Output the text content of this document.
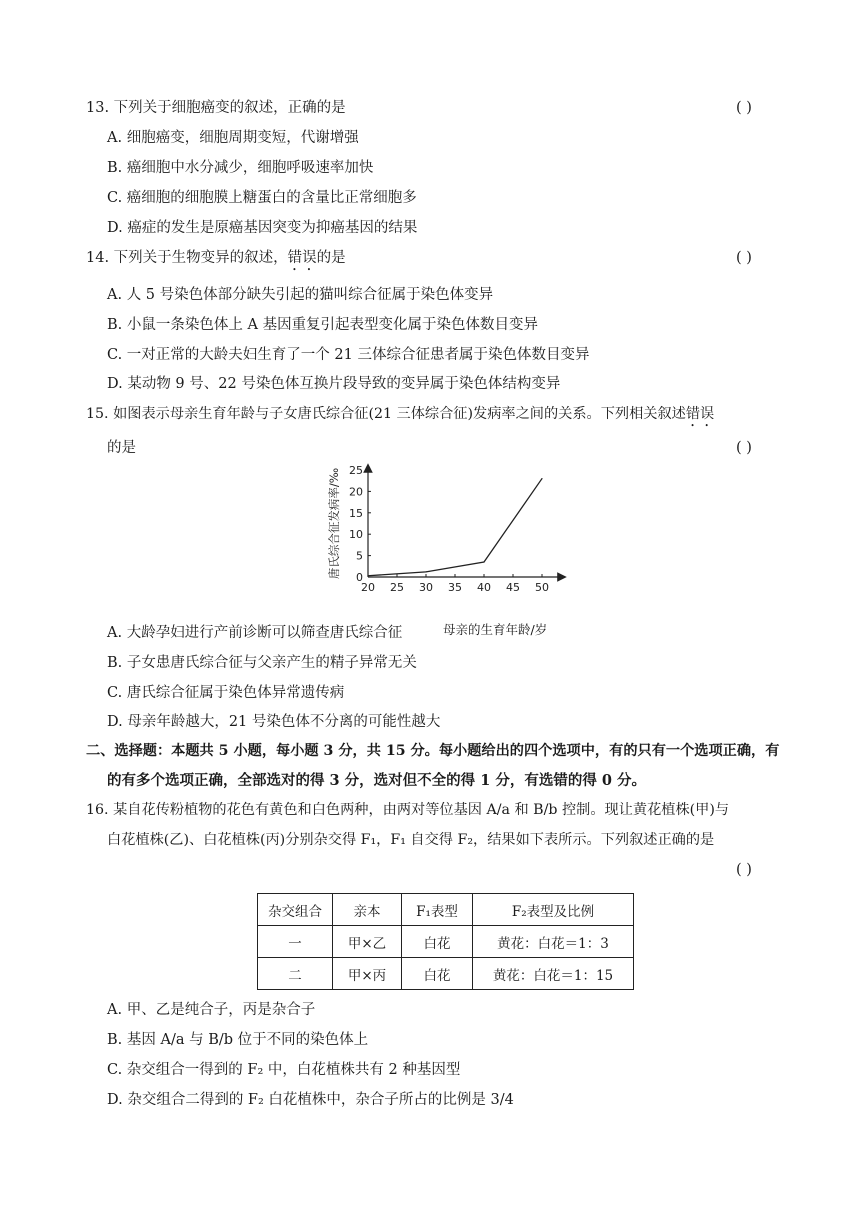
13. 下列关于细胞癌变的叙述，正确的是	( )
A. 细胞癌变，细胞周期变短，代谢增强
B. 癌细胞中水分减少，细胞呼吸速率加快
C. 癌细胞的细胞膜上糖蛋白的含量比正常细胞多
D. 癌症的发生是原癌基因突变为抑癌基因的结果
14. 下列关于生物变异的叙述，错误的是	( )
A. 人 5 号染色体部分缺失引起的猫叫综合征属于染色体变异
B. 小鼠一条染色体上 A 基因重复引起表型变化属于染色体数目变异
C. 一对正常的大龄夫妇生育了一个 21 三体综合征患者属于染色体数目变异
D. 某动物 9 号、22 号染色体互换片段导致的变异属于染色体结构变异
15. 如图表示母亲生育年龄与子女唐氏综合征(21 三体综合征)发病率之间的关系。下列相关叙述错误
的是	( )
20 25 30 35 40 45 50
0
5
10
15
20
25
唐氏综合征发病率/‰
母亲的生育年龄/岁
A. 大龄孕妇进行产前诊断可以筛查唐氏综合征
B. 子女患唐氏综合征与父亲产生的精子异常无关
C. 唐氏综合征属于染色体异常遗传病
D. 母亲年龄越大，21 号染色体不分离的可能性越大
二、选择题：本题共 5 小题，每小题 3 分，共 15 分。每小题给出的四个选项中，有的只有一个选项正确，有
的有多个选项正确，全部选对的得 3 分，选对但不全的得 1 分，有选错的得 0 分。
16. 某自花传粉植物的花色有黄色和白色两种，由两对等位基因 A/a 和 B/b 控制。现让黄花植株(甲)与
白花植株(乙)、白花植株(丙)分别杂交得 F₁，F₁ 自交得 F₂，结果如下表所示。下列叙述正确的是
( )
杂交组合	亲本	F₁表型	F₂表型及比例
一	甲×乙	白花	黄花：白花＝1：3
二	甲×丙	白花	黄花：白花＝1：15
A. 甲、乙是纯合子，丙是杂合子
B. 基因 A/a 与 B/b 位于不同的染色体上
C. 杂交组合一得到的 F₂ 中，白花植株共有 2 种基因型
D. 杂交组合二得到的 F₂ 白花植株中，杂合子所占的比例是 3/4
